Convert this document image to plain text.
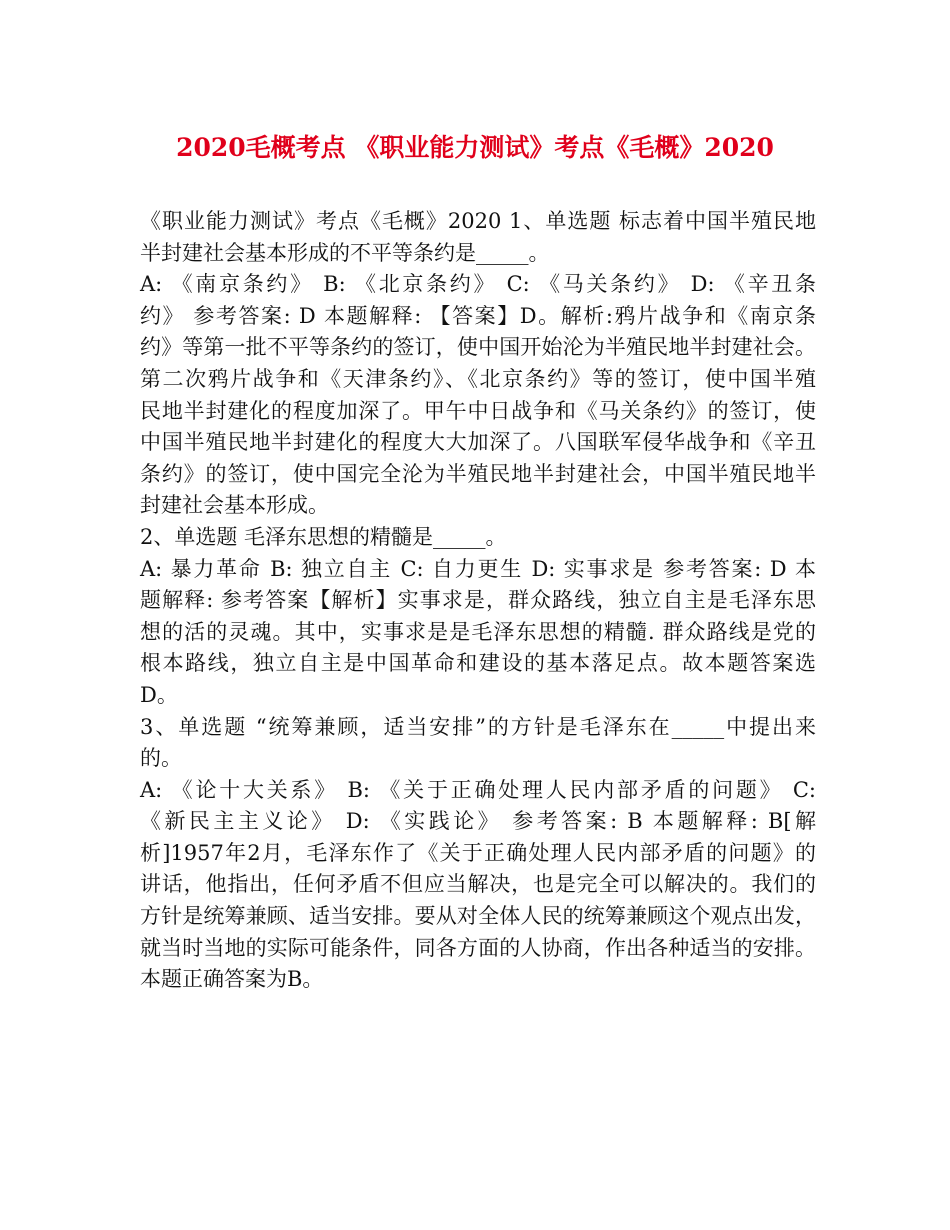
2020毛概考点 《职业能力测试》考点《毛概》2020
《职业能力测试》考点《毛概》2020 1、单选题 标志着中国半殖民地
半封建社会基本形成的不平等条约是_____。
A: 《南京条约》 B: 《北京条约》 C: 《马关条约》 D: 《辛丑条
约》 参考答案: D 本题解释: 【答案】D。解析:鸦片战争和《南京条
约》等第一批不平等条约的签订，使中国开始沦为半殖民地半封建社会。
第二次鸦片战争和《天津条约》、《北京条约》等的签订，使中国半殖
民地半封建化的程度加深了。甲午中日战争和《马关条约》的签订，使
中国半殖民地半封建化的程度大大加深了。八国联军侵华战争和《辛丑
条约》的签订，使中国完全沦为半殖民地半封建社会，中国半殖民地半
封建社会基本形成。
2、单选题 毛泽东思想的精髓是_____。
A: 暴力革命 B: 独立自主 C: 自力更生 D: 实事求是 参考答案: D 本
题解释: 参考答案【解析】实事求是，群众路线，独立自主是毛泽东思
想的活的灵魂。其中，实事求是是毛泽东思想的精髓. 群众路线是党的
根本路线，独立自主是中国革命和建设的基本落足点。故本题答案选
D。
3、单选题 “统筹兼顾，适当安排”的方针是毛泽东在_____中提出来
的。
A: 《论十大关系》 B: 《关于正确处理人民内部矛盾的问题》 C:
《新民主主义论》 D: 《实践论》 参考答案: B 本题解释: B[解
析]1957年2月，毛泽东作了《关于正确处理人民内部矛盾的问题》的
讲话，他指出，任何矛盾不但应当解决，也是完全可以解决的。我们的
方针是统筹兼顾、适当安排。要从对全体人民的统筹兼顾这个观点出发，
就当时当地的实际可能条件，同各方面的人协商，作出各种适当的安排。
本题正确答案为B。
